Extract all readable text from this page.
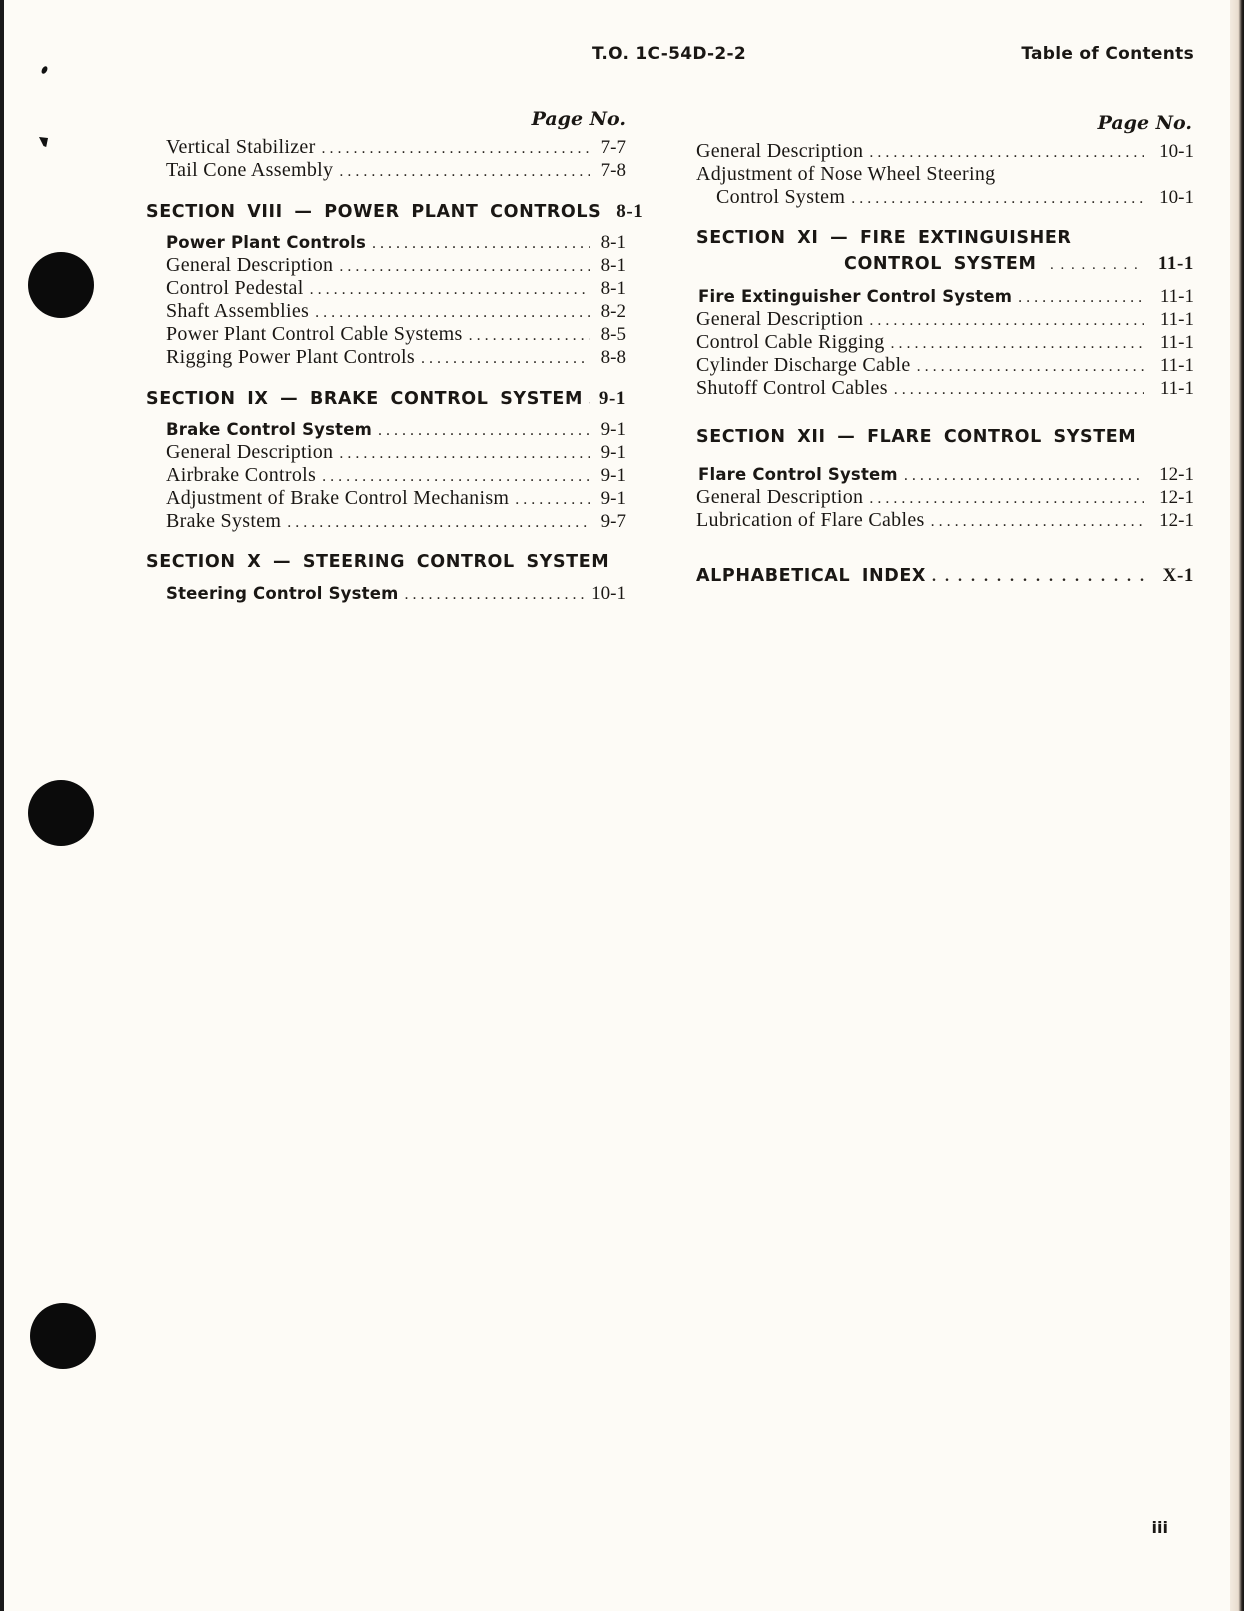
T.O. 1C-54D-2-2	Table of Contents
Page No.
Vertical Stabilizer . . .	7-7
Tail Cone Assembly . . .	7-8
SECTION VIII — POWER PLANT CONTROLS 8-1
Power Plant Controls . . .	8-1
General Description . . .	8-1
Control Pedestal . . .	8-1
Shaft Assemblies . . .	8-2
Power Plant Control Cable Systems . . .	8-5
Rigging Power Plant Controls . . .	8-8
SECTION IX — BRAKE CONTROL SYSTEM . . . 9-1
Brake Control System . . .	9-1
General Description . . .	9-1
Airbrake Controls . . .	9-1
Adjustment of Brake Control Mechanism . . .	9-1
Brake System . . .	9-7
SECTION X — STEERING CONTROL SYSTEM
Steering Control System . . .	10-1
Page No.
General Description . . .	10-1
Adjustment of Nose Wheel Steering
Control System . . .	10-1
SECTION XI — FIRE EXTINGUISHER
CONTROL SYSTEM . . .	11-1
Fire Extinguisher Control System . . .	11-1
General Description . . .	11-1
Control Cable Rigging . . .	11-1
Cylinder Discharge Cable . . .	11-1
Shutoff Control Cables . . .	11-1
SECTION XII — FLARE CONTROL SYSTEM
Flare Control System . . .	12-1
General Description . . .	12-1
Lubrication of Flare Cables . . .	12-1
ALPHABETICAL INDEX . . .	X-1
iii
